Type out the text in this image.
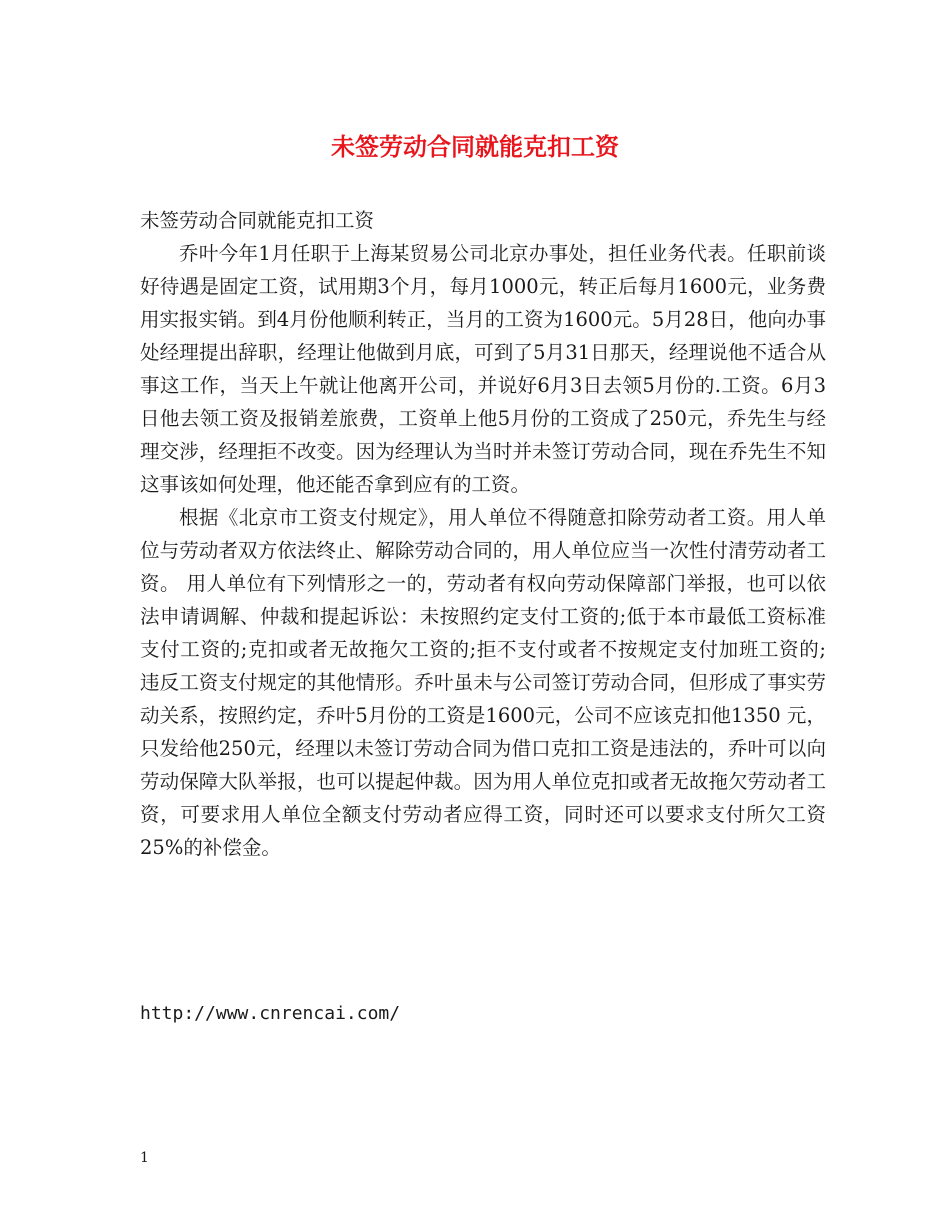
未签劳动合同就能克扣工资

未签劳动合同就能克扣工资

乔叶今年1月任职于上海某贸易公司北京办事处，担任业务代表。任职前谈好待遇是固定工资，试用期3个月，每月1000元，转正后每月1600元，业务费用实报实销。到4月份他顺利转正，当月的工资为1600元。5月28日，他向办事处经理提出辞职，经理让他做到月底，可到了5月31日那天，经理说他不适合从事这工作，当天上午就让他离开公司，并说好6月3日去领5月份的.工资。6月3日他去领工资及报销差旅费，工资单上他5月份的工资成了250元，乔先生与经理交涉，经理拒不改变。因为经理认为当时并未签订劳动合同，现在乔先生不知这事该如何处理，他还能否拿到应有的工资。

根据《北京市工资支付规定》，用人单位不得随意扣除劳动者工资。用人单位与劳动者双方依法终止、解除劳动合同的，用人单位应当一次性付清劳动者工资。 用人单位有下列情形之一的，劳动者有权向劳动保障部门举报，也可以依法申请调解、仲裁和提起诉讼：未按照约定支付工资的;低于本市最低工资标准支付工资的;克扣或者无故拖欠工资的;拒不支付或者不按规定支付加班工资的; 违反工资支付规定的其他情形。乔叶虽未与公司签订劳动合同，但形成了事实劳动关系，按照约定，乔叶5月份的工资是1600元，公司不应该克扣他1350 元，只发给他250元，经理以未签订劳动合同为借口克扣工资是违法的，乔叶可以向劳动保障大队举报，也可以提起仲裁。因为用人单位克扣或者无故拖欠劳动者工资，可要求用人单位全额支付劳动者应得工资，同时还可以要求支付所欠工资25%的补偿金。

http://www.cnrencai.com/
1
